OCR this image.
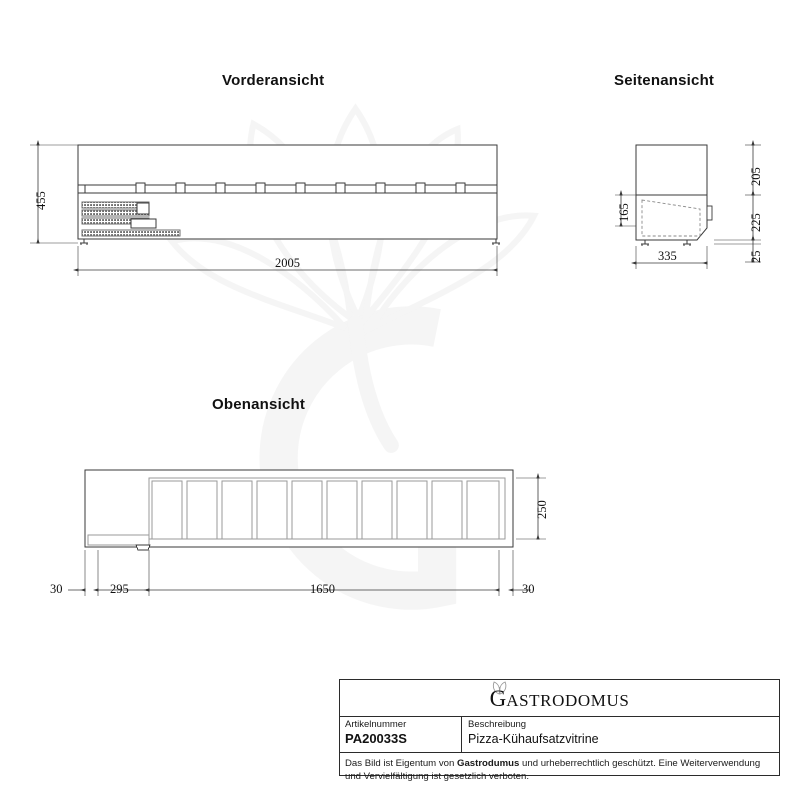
Vorderansicht	Seitenansicht
Obenansicht
455
2005
165
335
205
225
25
250
30	295	1650	30
G ASTRODOMUS
Artikelnummer
PA20033S
Beschreibung
Pizza-Kühaufsatzvitrine
Das Bild ist Eigentum von Gastrodumus und urheberrechtlich geschützt. Eine Weiterverwendung und Vervielfältigung ist gesetzlich verboten.
